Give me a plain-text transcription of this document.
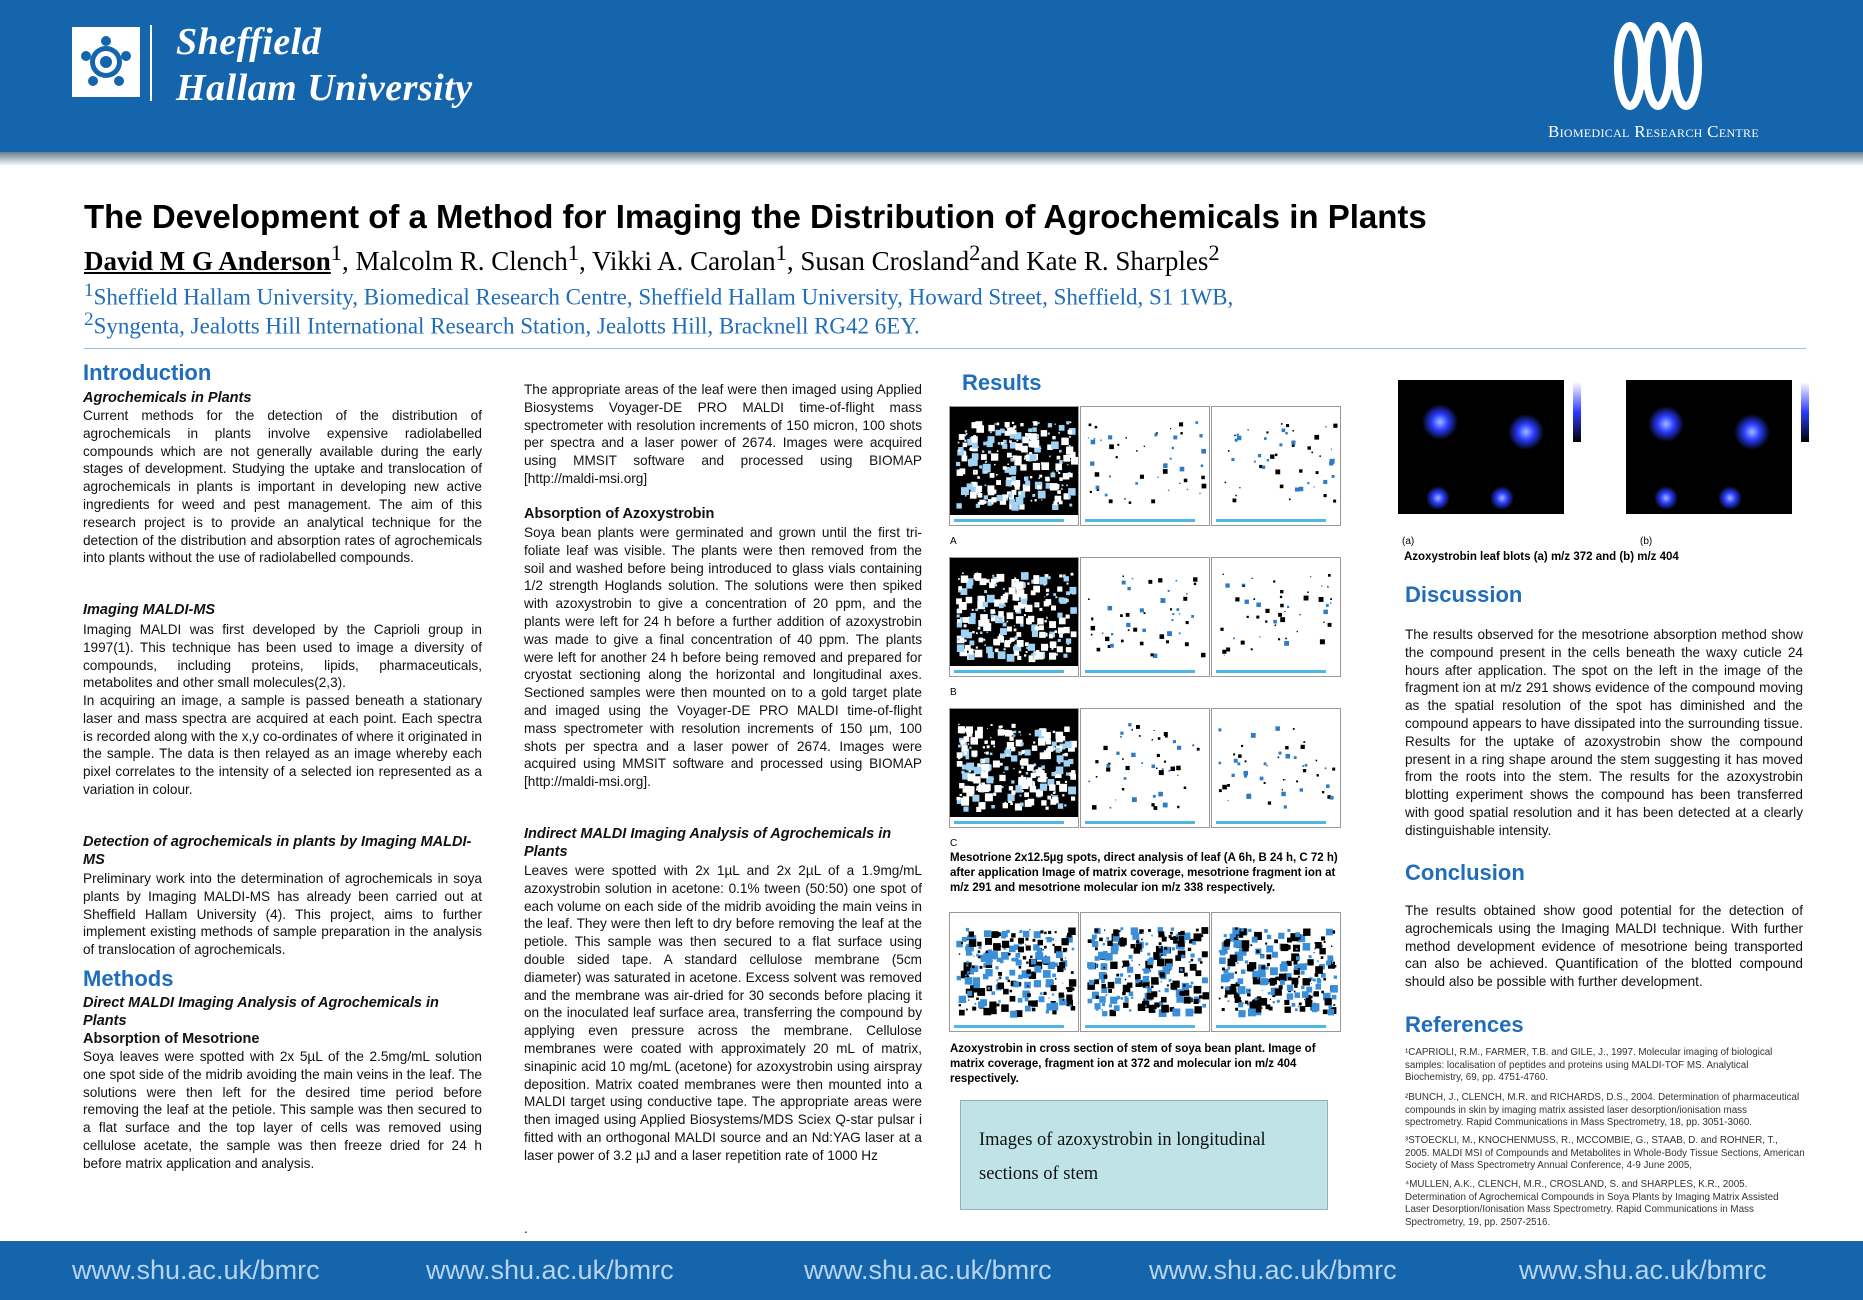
Sheffield
Hallam University
Biomedical Research Centre
The Development of a Method for Imaging the Distribution of Agrochemicals in Plants
David M G Anderson$^1$, Malcolm R. Clench$^1$, Vikki A. Carolan$^1$, Susan Crosland$^2$and Kate R. Sharples$^2$
$^1$Sheffield Hallam University, Biomedical Research Centre, Sheffield Hallam University, Howard Street, Sheffield, S1 1WB,
$^2$Syngenta, Jealotts Hill International Research Station, Jealotts Hill, Bracknell RG42 6EY.
Introduction
Agrochemicals in Plants
Current methods for the detection of the distribution of agrochemicals in plants involve expensive radiolabelled compounds which are not generally available during the early stages of development. Studying the uptake and translocation of agrochemicals in plants is important in developing new active ingredients for weed and pest management. The aim of this research project is to provide an analytical technique for the detection of the distribution and absorption rates of agrochemicals into plants without the use of radiolabelled compounds.
Imaging MALDI-MS
Imaging MALDI was first developed by the Caprioli group in 1997(1). This technique has been used to image a diversity of compounds, including proteins, lipids, pharmaceuticals, metabolites and other small molecules(2,3).
In acquiring an image, a sample is passed beneath a stationary laser and mass spectra are acquired at each point. Each spectra is recorded along with the x,y co-ordinates of where it originated in the sample. The data is then relayed as an image whereby each pixel correlates to the intensity of a selected ion represented as a variation in colour.
Detection of agrochemicals in plants by Imaging MALDI-
MS
Preliminary work into the determination of agrochemicals in soya plants by Imaging MALDI-MS has already been carried out at Sheffield Hallam University (4). This project, aims to further implement existing methods of sample preparation in the analysis of translocation of agrochemicals.
Methods
Direct MALDI Imaging Analysis of Agrochemicals in
Plants
Absorption of Mesotrione
Soya leaves were spotted with 2x 5µL of the 2.5mg/mL solution one spot side of the midrib avoiding the main veins in the leaf. The solutions were then left for the desired time period before removing the leaf at the petiole. This sample was then secured to a flat surface and the top layer of cells was removed using cellulose acetate, the sample was then freeze dried for 24 h before matrix application and analysis.
The appropriate areas of the leaf were then imaged using Applied Biosystems Voyager-DE PRO MALDI time-of-flight mass spectrometer with resolution increments of 150 micron, 100 shots per spectra and a laser power of 2674. Images were acquired using MMSIT software and processed using BIOMAP [http://maldi-msi.org]
Absorption of Azoxystrobin
Soya bean plants were germinated and grown until the first tri-foliate leaf was visible. The plants were then removed from the soil and washed before being introduced to glass vials containing 1/2 strength Hoglands solution. The solutions were then spiked with azoxystrobin to give a concentration of 20 ppm, and the plants were left for 24 h before a further addition of azoxystrobin was made to give a final concentration of 40 ppm. The plants were left for another 24 h before being removed and prepared for cryostat sectioning along the horizontal and longitudinal axes. Sectioned samples were then mounted on to a gold target plate and imaged using the Voyager-DE PRO MALDI time-of-flight mass spectrometer with resolution increments of 150 µm, 100 shots per spectra and a laser power of 2674. Images were acquired using MMSIT software and processed using BIOMAP [http://maldi-msi.org].
Indirect MALDI Imaging Analysis of Agrochemicals in
Plants
Leaves were spotted with 2x 1µL and 2x 2µL of a 1.9mg/mL azoxystrobin solution in acetone: 0.1% tween (50:50) one spot of each volume on each side of the midrib avoiding the main veins in the leaf. They were then left to dry before removing the leaf at the petiole. This sample was then secured to a flat surface using double sided tape. A standard cellulose membrane (5cm diameter) was saturated in acetone. Excess solvent was removed and the membrane was air-dried for 30 seconds before placing it on the inoculated leaf surface area, transferring the compound by applying even pressure across the membrane. Cellulose membranes were coated with approximately 20 mL of matrix, sinapinic acid 10 mg/mL (acetone) for azoxystrobin using airspray deposition. Matrix coated membranes were then mounted into a MALDI target using conductive tape. The appropriate areas were then imaged using Applied Biosystems/MDS Sciex Q-star pulsar i fitted with an orthogonal MALDI source and an Nd:YAG laser at a laser power of 3.2 µJ and a laser repetition rate of 1000 Hz
.
Results
A
B
C
Mesotrione 2x12.5µg spots, direct analysis of leaf (A 6h, B 24 h, C 72 h) after application Image of matrix coverage, mesotrione fragment ion at m/z 291 and mesotrione molecular ion m/z 338 respectively.
Azoxystrobin in cross section of stem of soya bean plant. Image of matrix coverage, fragment ion at 372 and molecular ion m/z 404 respectively.
Images of azoxystrobin in longitudinal sections of stem
(a)	(b)
Azoxystrobin leaf blots (a) m/z 372 and (b) m/z 404
Discussion
The results observed for the mesotrione absorption method show the compound present in the cells beneath the waxy cuticle 24 hours after application. The spot on the left in the image of the fragment ion at m/z 291 shows evidence of the compound moving as the spatial resolution of the spot has diminished and the compound appears to have dissipated into the surrounding tissue. Results for the uptake of azoxystrobin show the compound present in a ring shape around the stem suggesting it has moved from the roots into the stem. The results for the azoxystrobin blotting experiment shows the compound has been transferred with good spatial resolution and it has been detected at a clearly distinguishable intensity.
Conclusion
The results obtained show good potential for the detection of agrochemicals using the Imaging MALDI technique. With further method development evidence of mesotrione being transported can also be achieved. Quantification of the blotted compound should also be possible with further development.
References
¹CAPRIOLI, R.M., FARMER, T.B. and GILE, J., 1997. Molecular imaging of biological samples: localisation of peptides and proteins using MALDI-TOF MS. Analytical Biochemistry, 69, pp. 4751-4760.
²BUNCH, J., CLENCH, M.R. and RICHARDS, D.S., 2004. Determination of pharmaceutical compounds in skin by imaging matrix assisted laser desorption/ionisation mass spectrometry. Rapid Communications in Mass Spectrometry, 18, pp. 3051-3060.
³STOECKLI, M., KNOCHENMUSS, R., MCCOMBIE, G., STAAB, D. and ROHNER, T., 2005. MALDI MSI of Compounds and Metabolites in Whole-Body Tissue Sections, American Society of Mass Spectrometry Annual Conference, 4-9 June 2005,
⁴MULLEN, A.K., CLENCH, M.R., CROSLAND, S. and SHARPLES, K.R., 2005. Determination of Agrochemical Compounds in Soya Plants by Imaging Matrix Assisted Laser Desorption/Ionisation Mass Spectrometry. Rapid Communications in Mass Spectrometry, 19, pp. 2507-2516.
www.shu.ac.uk/bmrc	www.shu.ac.uk/bmrc	www.shu.ac.uk/bmrc	www.shu.ac.uk/bmrc	www.shu.ac.uk/bmrc
